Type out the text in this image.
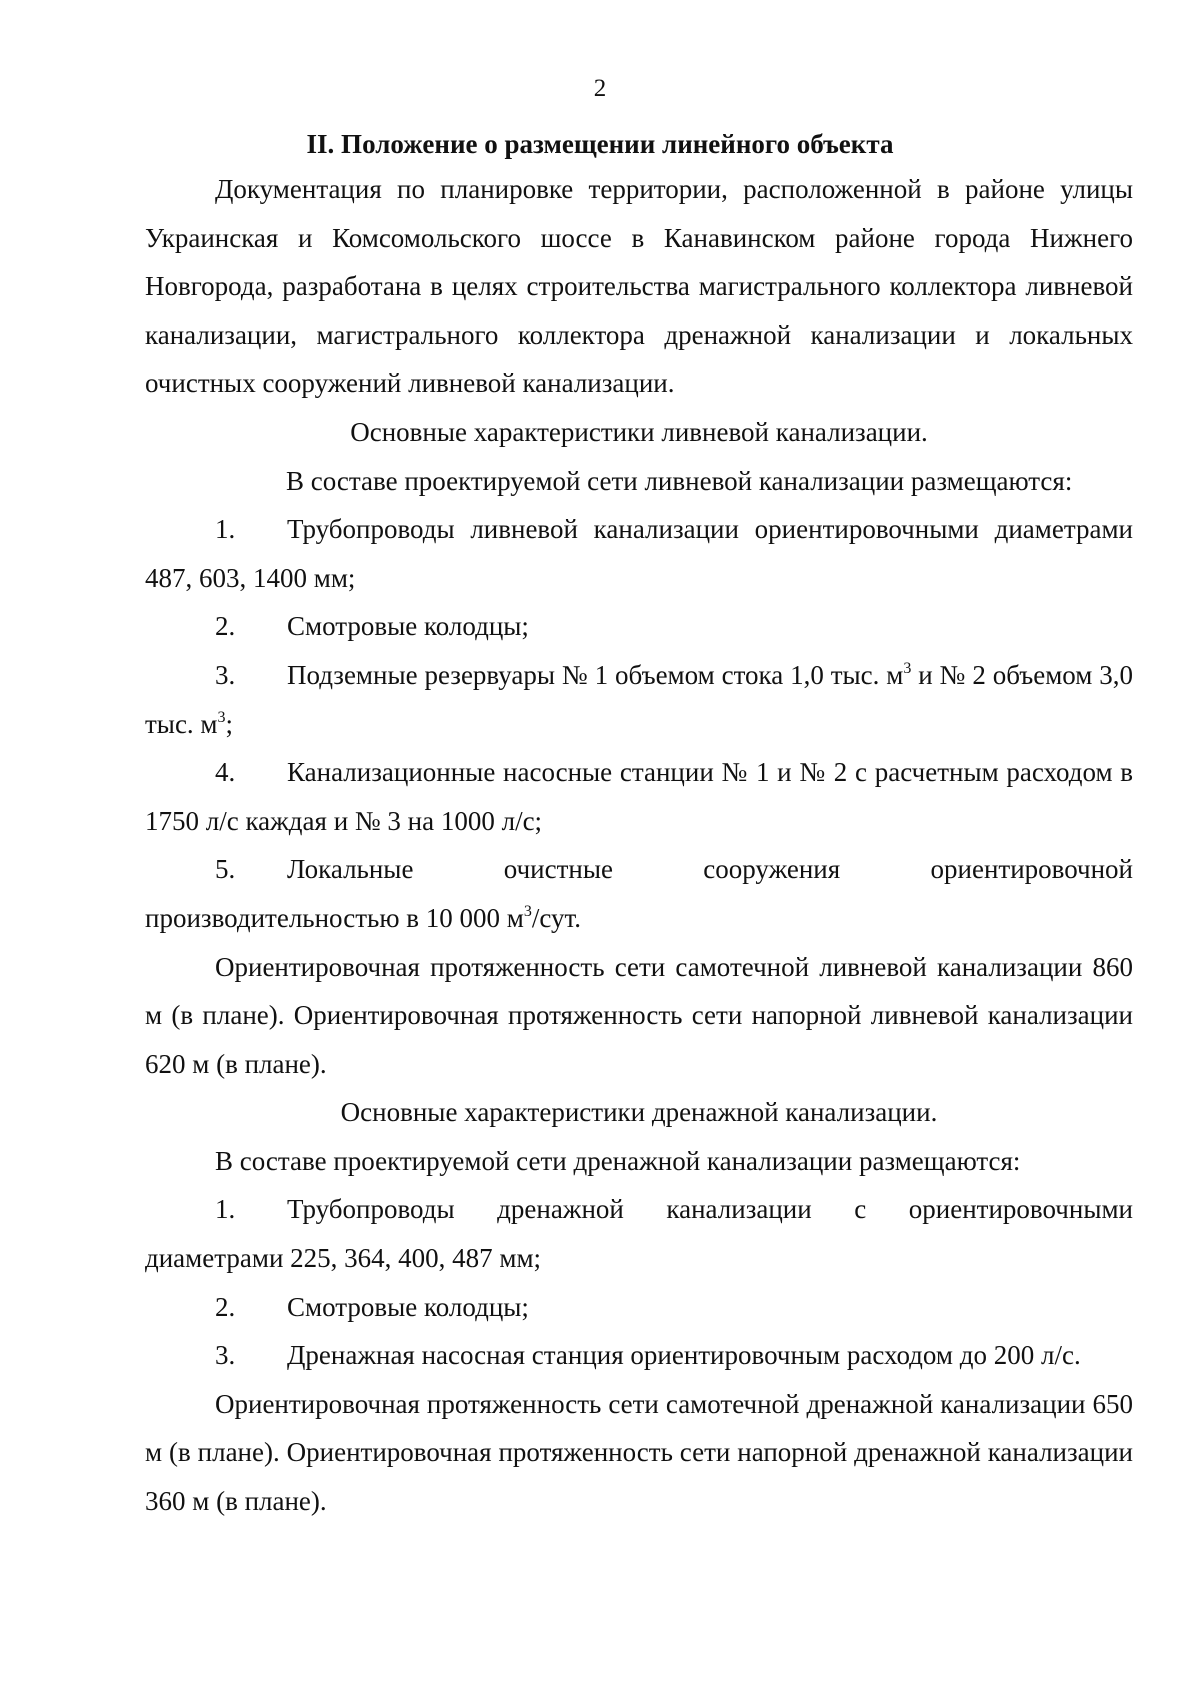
2
II. Положение о размещении линейного объекта

Документация по планировке территории, расположенной в районе улицы Украинская и Комсомольского шоссе в Канавинском районе города Нижнего Новгорода, разработана в целях строительства магистрального коллектора ливневой канализации, магистрального коллектора дренажной канализации и локальных очистных сооружений ливневой канализации.

Основные характеристики ливневой канализации.

В составе проектируемой сети ливневой канализации размещаются:

1. Трубопроводы ливневой канализации ориентировочными диаметрами 487, 603, 1400 мм;

2. Смотровые колодцы;

3. Подземные резервуары № 1 объемом стока 1,0 тыс. $м^3$ и № 2 объемом 3,0 тыс. $м^3$;

4. Канализационные насосные станции № 1 и № 2 с расчетным расходом в 1750 л/с каждая и № 3 на 1000 л/с;

5. Локальные очистные сооружения ориентировочной производительностью в 10 000 $м^3$/сут.

Ориентировочная протяженность сети самотечной ливневой канализации 860 м (в плане). Ориентировочная протяженность сети напорной ливневой канализации 620 м (в плане).

Основные характеристики дренажной канализации.

В составе проектируемой сети дренажной канализации размещаются:

1. Трубопроводы дренажной канализации с ориентировочными диаметрами 225, 364, 400, 487 мм;

2. Смотровые колодцы;

3. Дренажная насосная станция ориентировочным расходом до 200 л/с.

Ориентировочная протяженность сети самотечной дренажной канализации 650 м (в плане). Ориентировочная протяженность сети напорной дренажной канализации 360 м (в плане).
